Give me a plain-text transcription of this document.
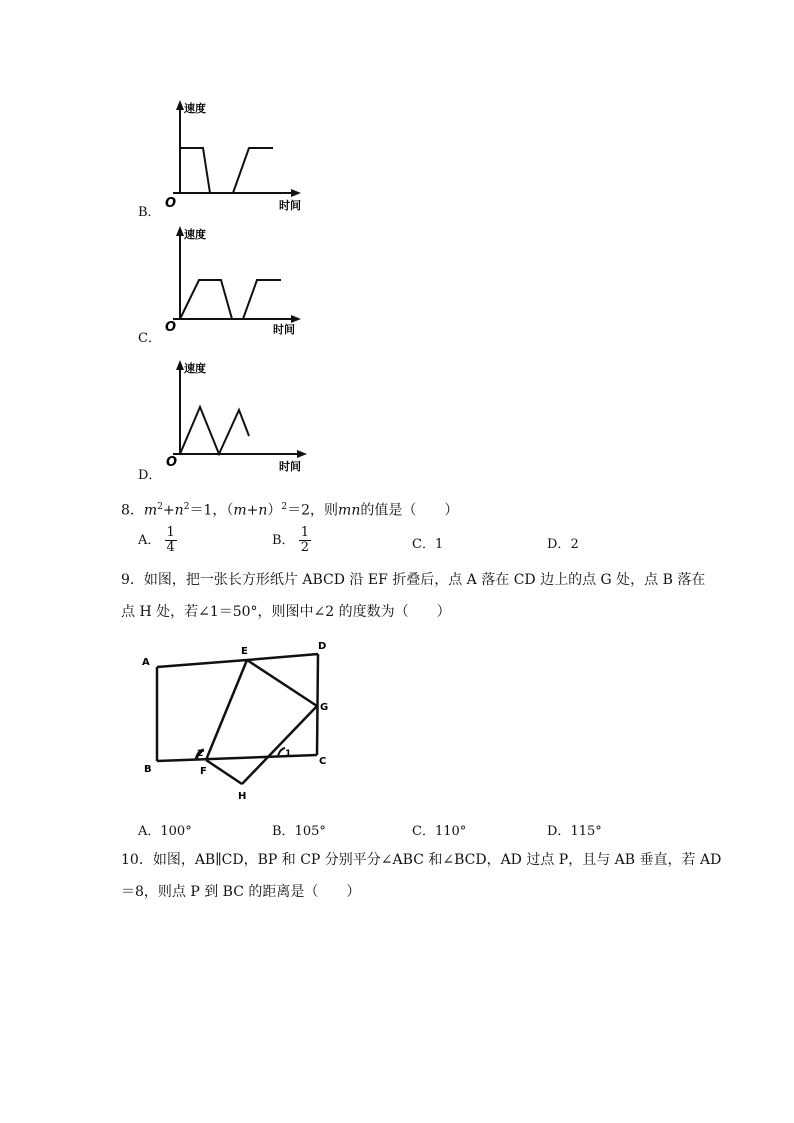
B．
速度
时间
O
C．
速度
时间
O
D．
速度
时间
O
8．$m^2+n^2=1$，$(m+n)^2=2$，则mn的值是（　　）
A． $\frac{1}{4}$	B． $\frac{1}{2}$	C．1	D．2
9．如图，把一张长方形纸片 ABCD 沿 EF 折叠后，点 A 落在 CD 边上的点 G 处，点 B 落在
点 H 处，若∠1＝50°，则图中∠2 的度数为（　　）
A
E	D
G
C
B	F
H
2	1
A．100°	B．105°	C．110°	D．115°
10．如图，AB∥CD，BP 和 CP 分别平分∠ABC 和∠BCD，AD 过点 P，且与 AB 垂直，若 AD
＝8，则点 P 到 BC 的距离是（　　）
